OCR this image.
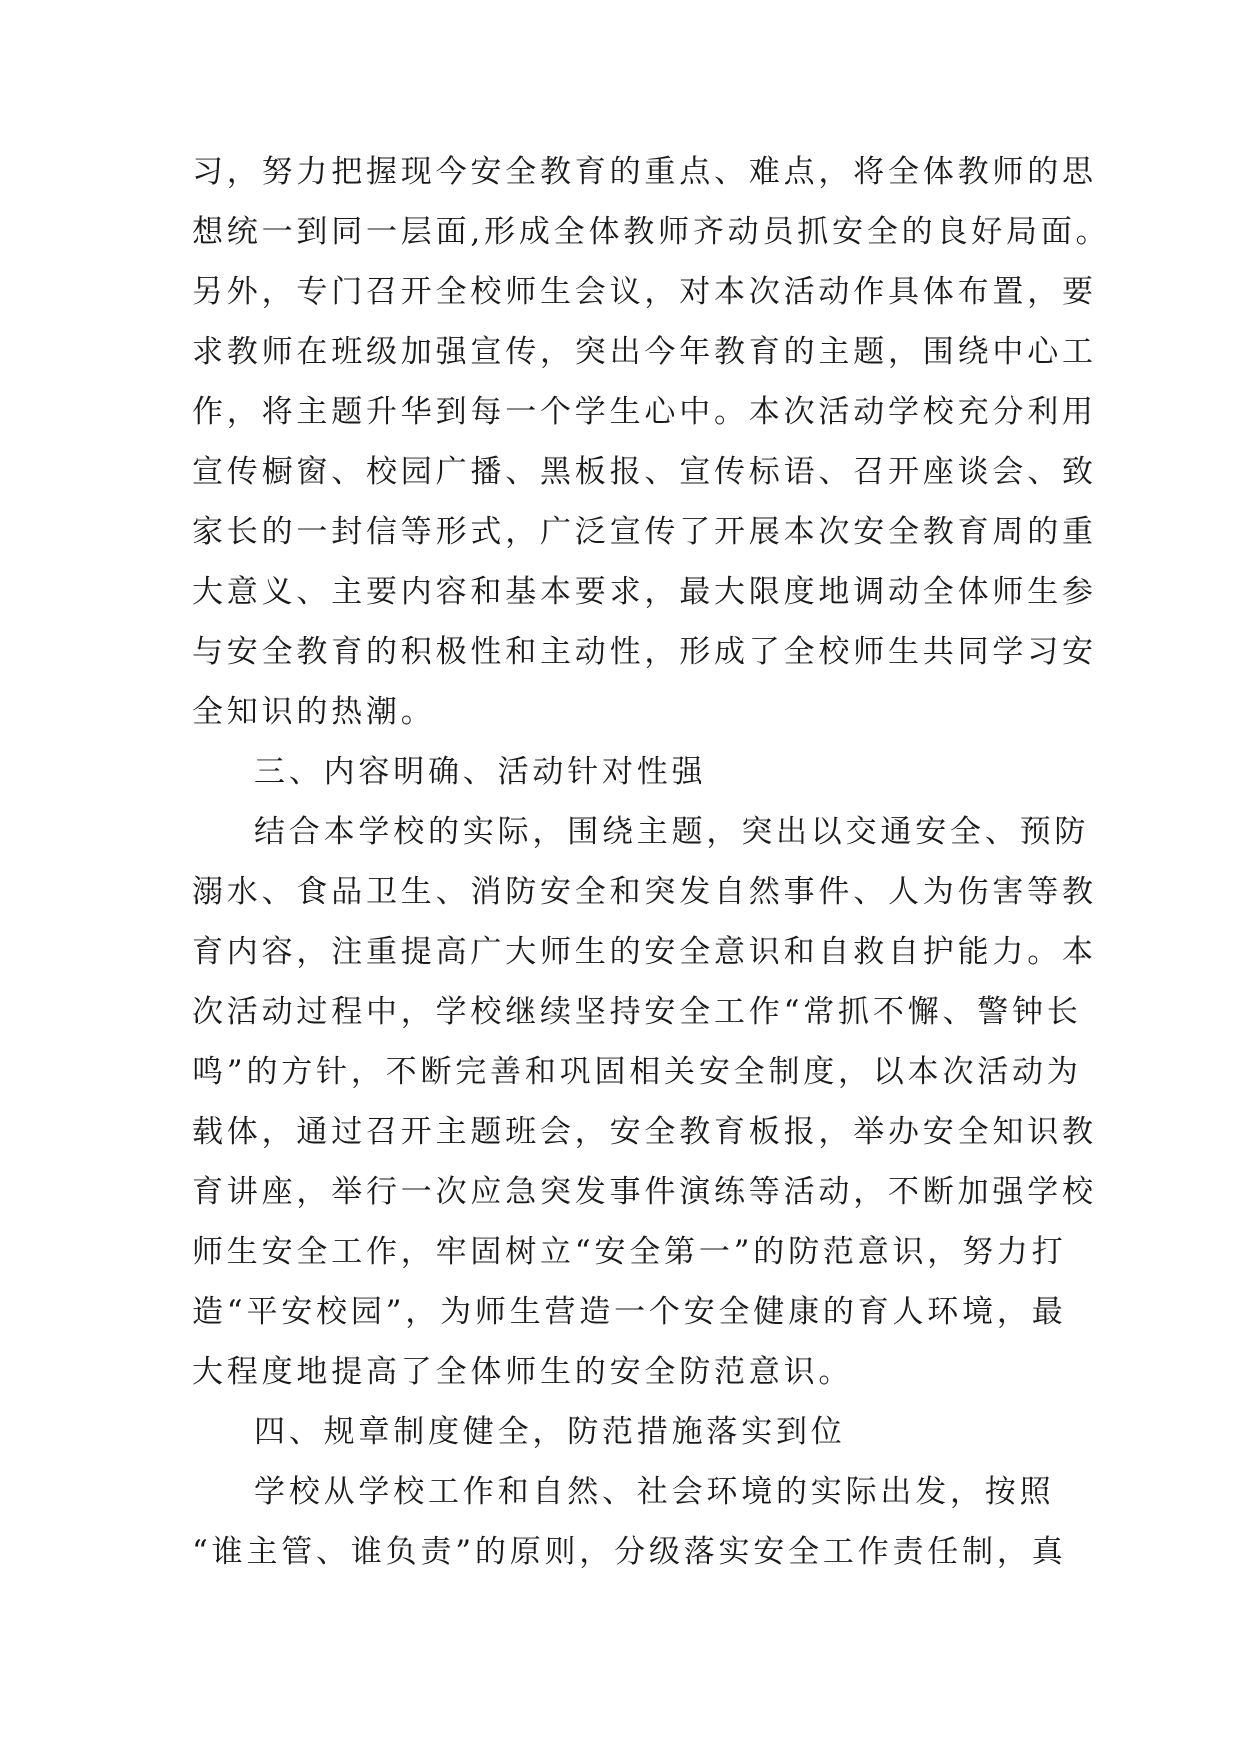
习，努力把握现今安全教育的重点、难点，将全体教师的思
想统一到同一层面,形成全体教师齐动员抓安全的良好局面。
另外，专门召开全校师生会议，对本次活动作具体布置，要
求教师在班级加强宣传，突出今年教育的主题，围绕中心工
作，将主题升华到每一个学生心中。本次活动学校充分利用
宣传橱窗、校园广播、黑板报、宣传标语、召开座谈会、致
家长的一封信等形式，广泛宣传了开展本次安全教育周的重
大意义、主要内容和基本要求，最大限度地调动全体师生参
与安全教育的积极性和主动性，形成了全校师生共同学习安
全知识的热潮。
三、内容明确、活动针对性强
结合本学校的实际，围绕主题，突出以交通安全、预防
溺水、食品卫生、消防安全和突发自然事件、人为伤害等教
育内容，注重提高广大师生的安全意识和自救自护能力。本
次活动过程中，学校继续坚持安全工作“常抓不懈、警钟长
鸣”的方针，不断完善和巩固相关安全制度，以本次活动为
载体，通过召开主题班会，安全教育板报，举办安全知识教
育讲座，举行一次应急突发事件演练等活动，不断加强学校
师生安全工作，牢固树立“安全第一”的防范意识，努力打
造“平安校园”，为师生营造一个安全健康的育人环境，最
大程度地提高了全体师生的安全防范意识。
四、规章制度健全，防范措施落实到位
学校从学校工作和自然、社会环境的实际出发，按照
“谁主管、谁负责”的原则，分级落实安全工作责任制，真
